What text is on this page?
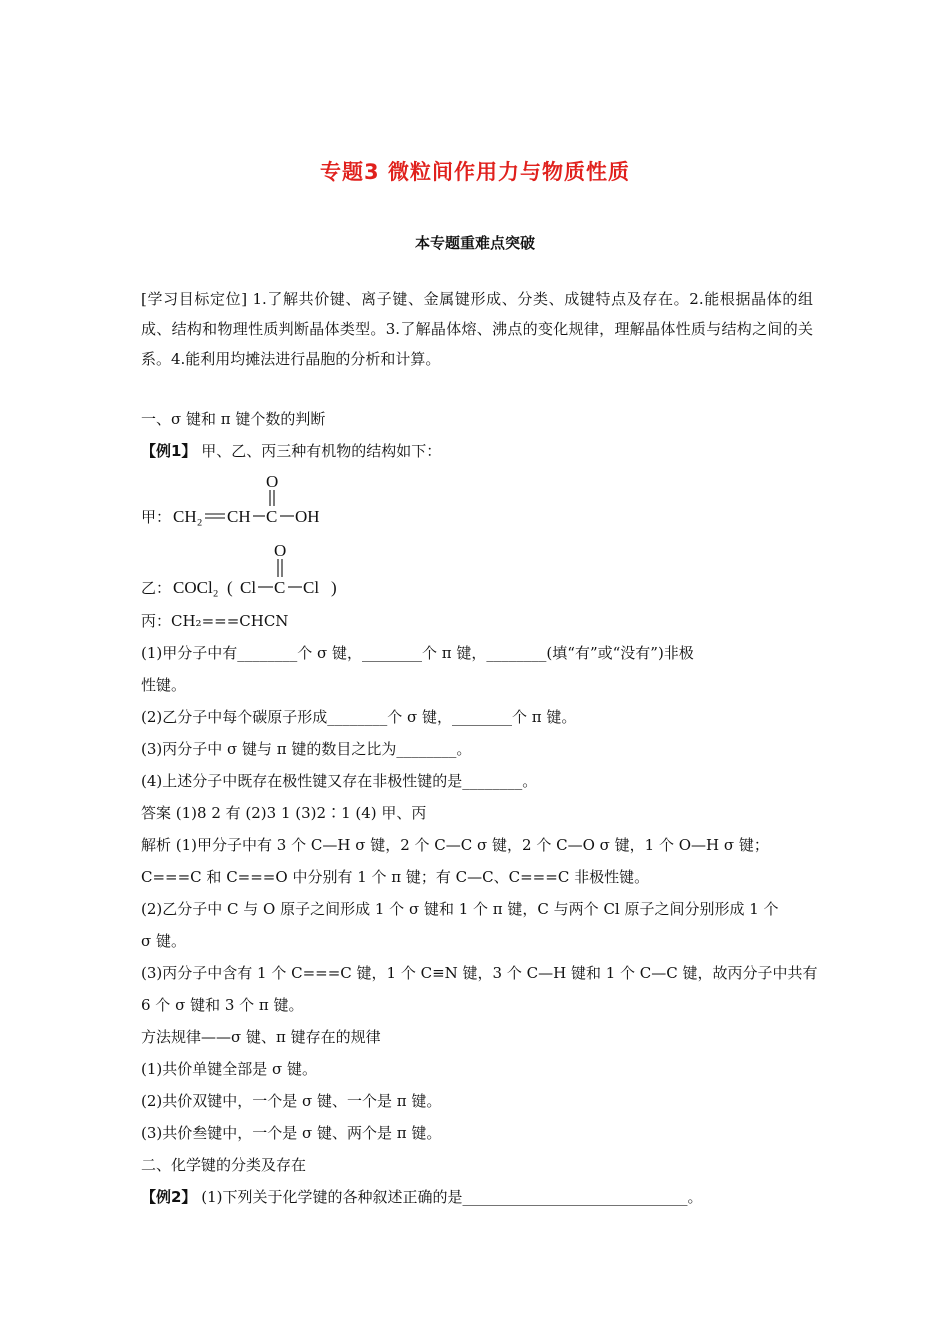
专题3 微粒间作用力与物质性质
本专题重难点突破
[学习目标定位] 1.了解共价键、离子键、金属键形成、分类、成键特点及存在。2.能根据晶体的组成、结构和物理性质判断晶体类型。3.了解晶体熔、沸点的变化规律，理解晶体性质与结构之间的关系。4.能利用均摊法进行晶胞的分析和计算。
一、σ 键和 π 键个数的判断
【例1】 甲、乙、丙三种有机物的结构如下：
甲： CH₂ CH C
O
OH
乙： COCl₂ ( Cl C
O
Cl )
丙：CH₂===CHCN
(1)甲分子中有________个 σ 键，________个 π 键，________(填“有”或“没有”)非极
性键。
(2)乙分子中每个碳原子形成________个 σ 键，________个 π 键。
(3)丙分子中 σ 键与 π 键的数目之比为________。
(4)上述分子中既存在极性键又存在非极性键的是________。
答案 (1)8 2 有 (2)3 1 (3)2∶1 (4) 甲、丙
解析 (1)甲分子中有 3 个 C—H σ 键，2 个 C—C σ 键，2 个 C—O σ 键，1 个 O—H σ 键；
C===C 和 C===O 中分别有 1 个 π 键；有 C—C、C===C 非极性键。
(2)乙分子中 C 与 O 原子之间形成 1 个 σ 键和 1 个 π 键，C 与两个 Cl 原子之间分别形成 1 个
σ 键。
(3)丙分子中含有 1 个 C===C 键，1 个 C≡N 键，3 个 C—H 键和 1 个 C—C 键，故丙分子中共有
6 个 σ 键和 3 个 π 键。
方法规律——σ 键、π 键存在的规律
(1)共价单键全部是 σ 键。
(2)共价双键中，一个是 σ 键、一个是 π 键。
(3)共价叁键中，一个是 σ 键、两个是 π 键。
二、化学键的分类及存在
【例2】 (1)下列关于化学键的各种叙述正确的是______________________________。
